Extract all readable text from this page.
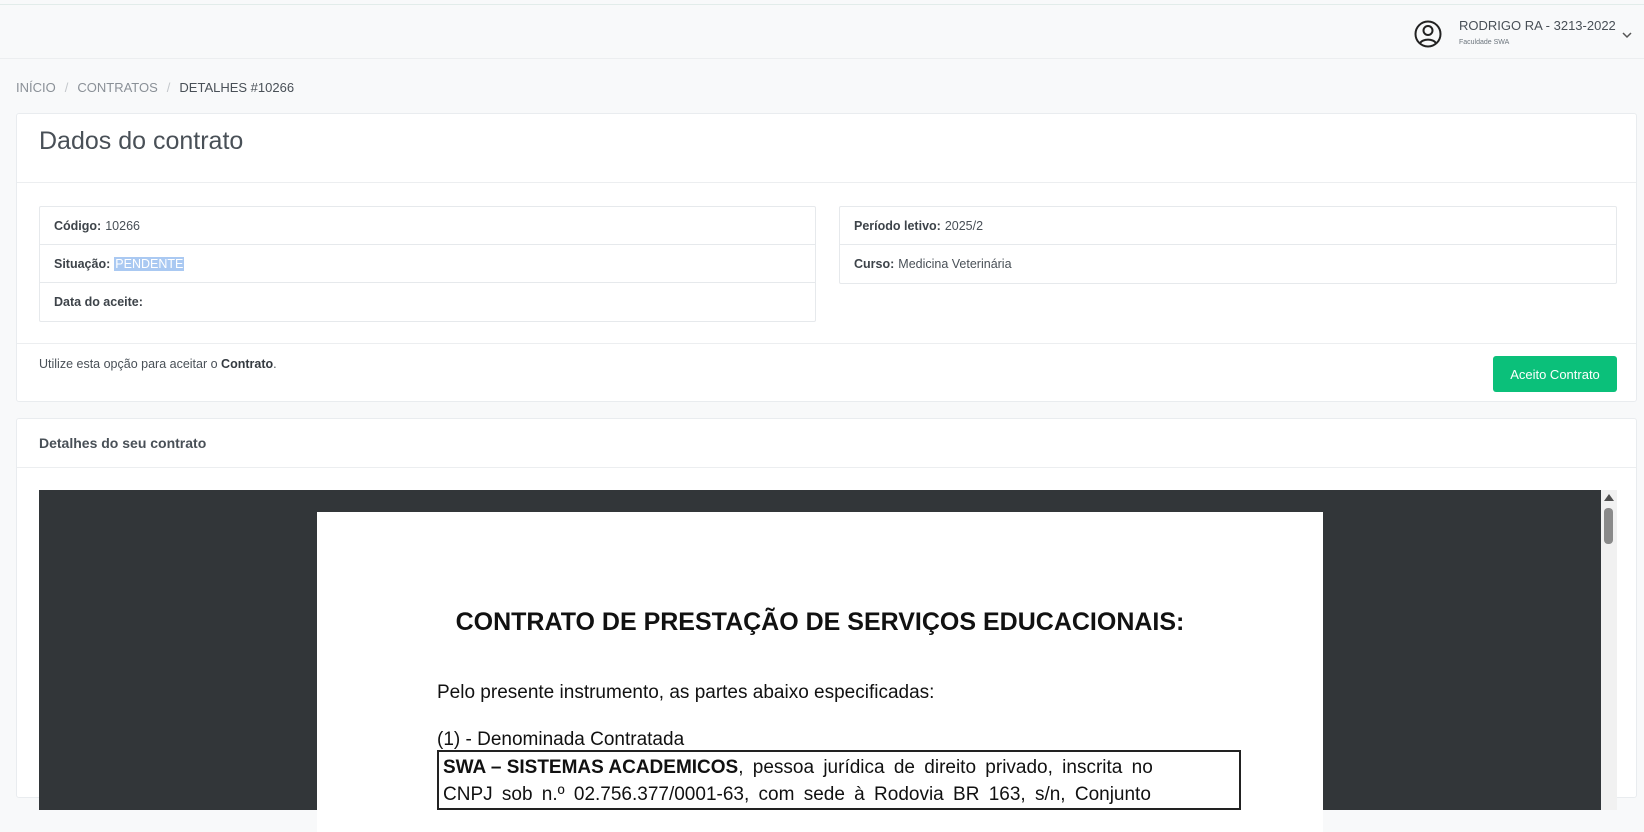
RODRIGO RA - 3213-2022
Faculdade SWA
INÍCIO / CONTRATOS / DETALHES #10266
Dados do contrato
Código: 10266
Situação: PENDENTE
Data do aceite:
Período letivo: 2025/2
Curso: Medicina Veterinária

Utilize esta opção para aceitar o Contrato.

Aceito Contrato
Detalhes do seu contrato
CONTRATO DE PRESTAÇÃO DE SERVIÇOS EDUCACIONAIS:
Pelo presente instrumento, as partes abaixo especificadas:
(1) - Denominada Contratada
SWA – SISTEMAS ACADEMICOS, pessoa jurídica de direito privado, inscrita no
CNPJ sob n.º 02.756.377/0001-63, com sede à Rodovia BR 163, s/n, Conjunto
